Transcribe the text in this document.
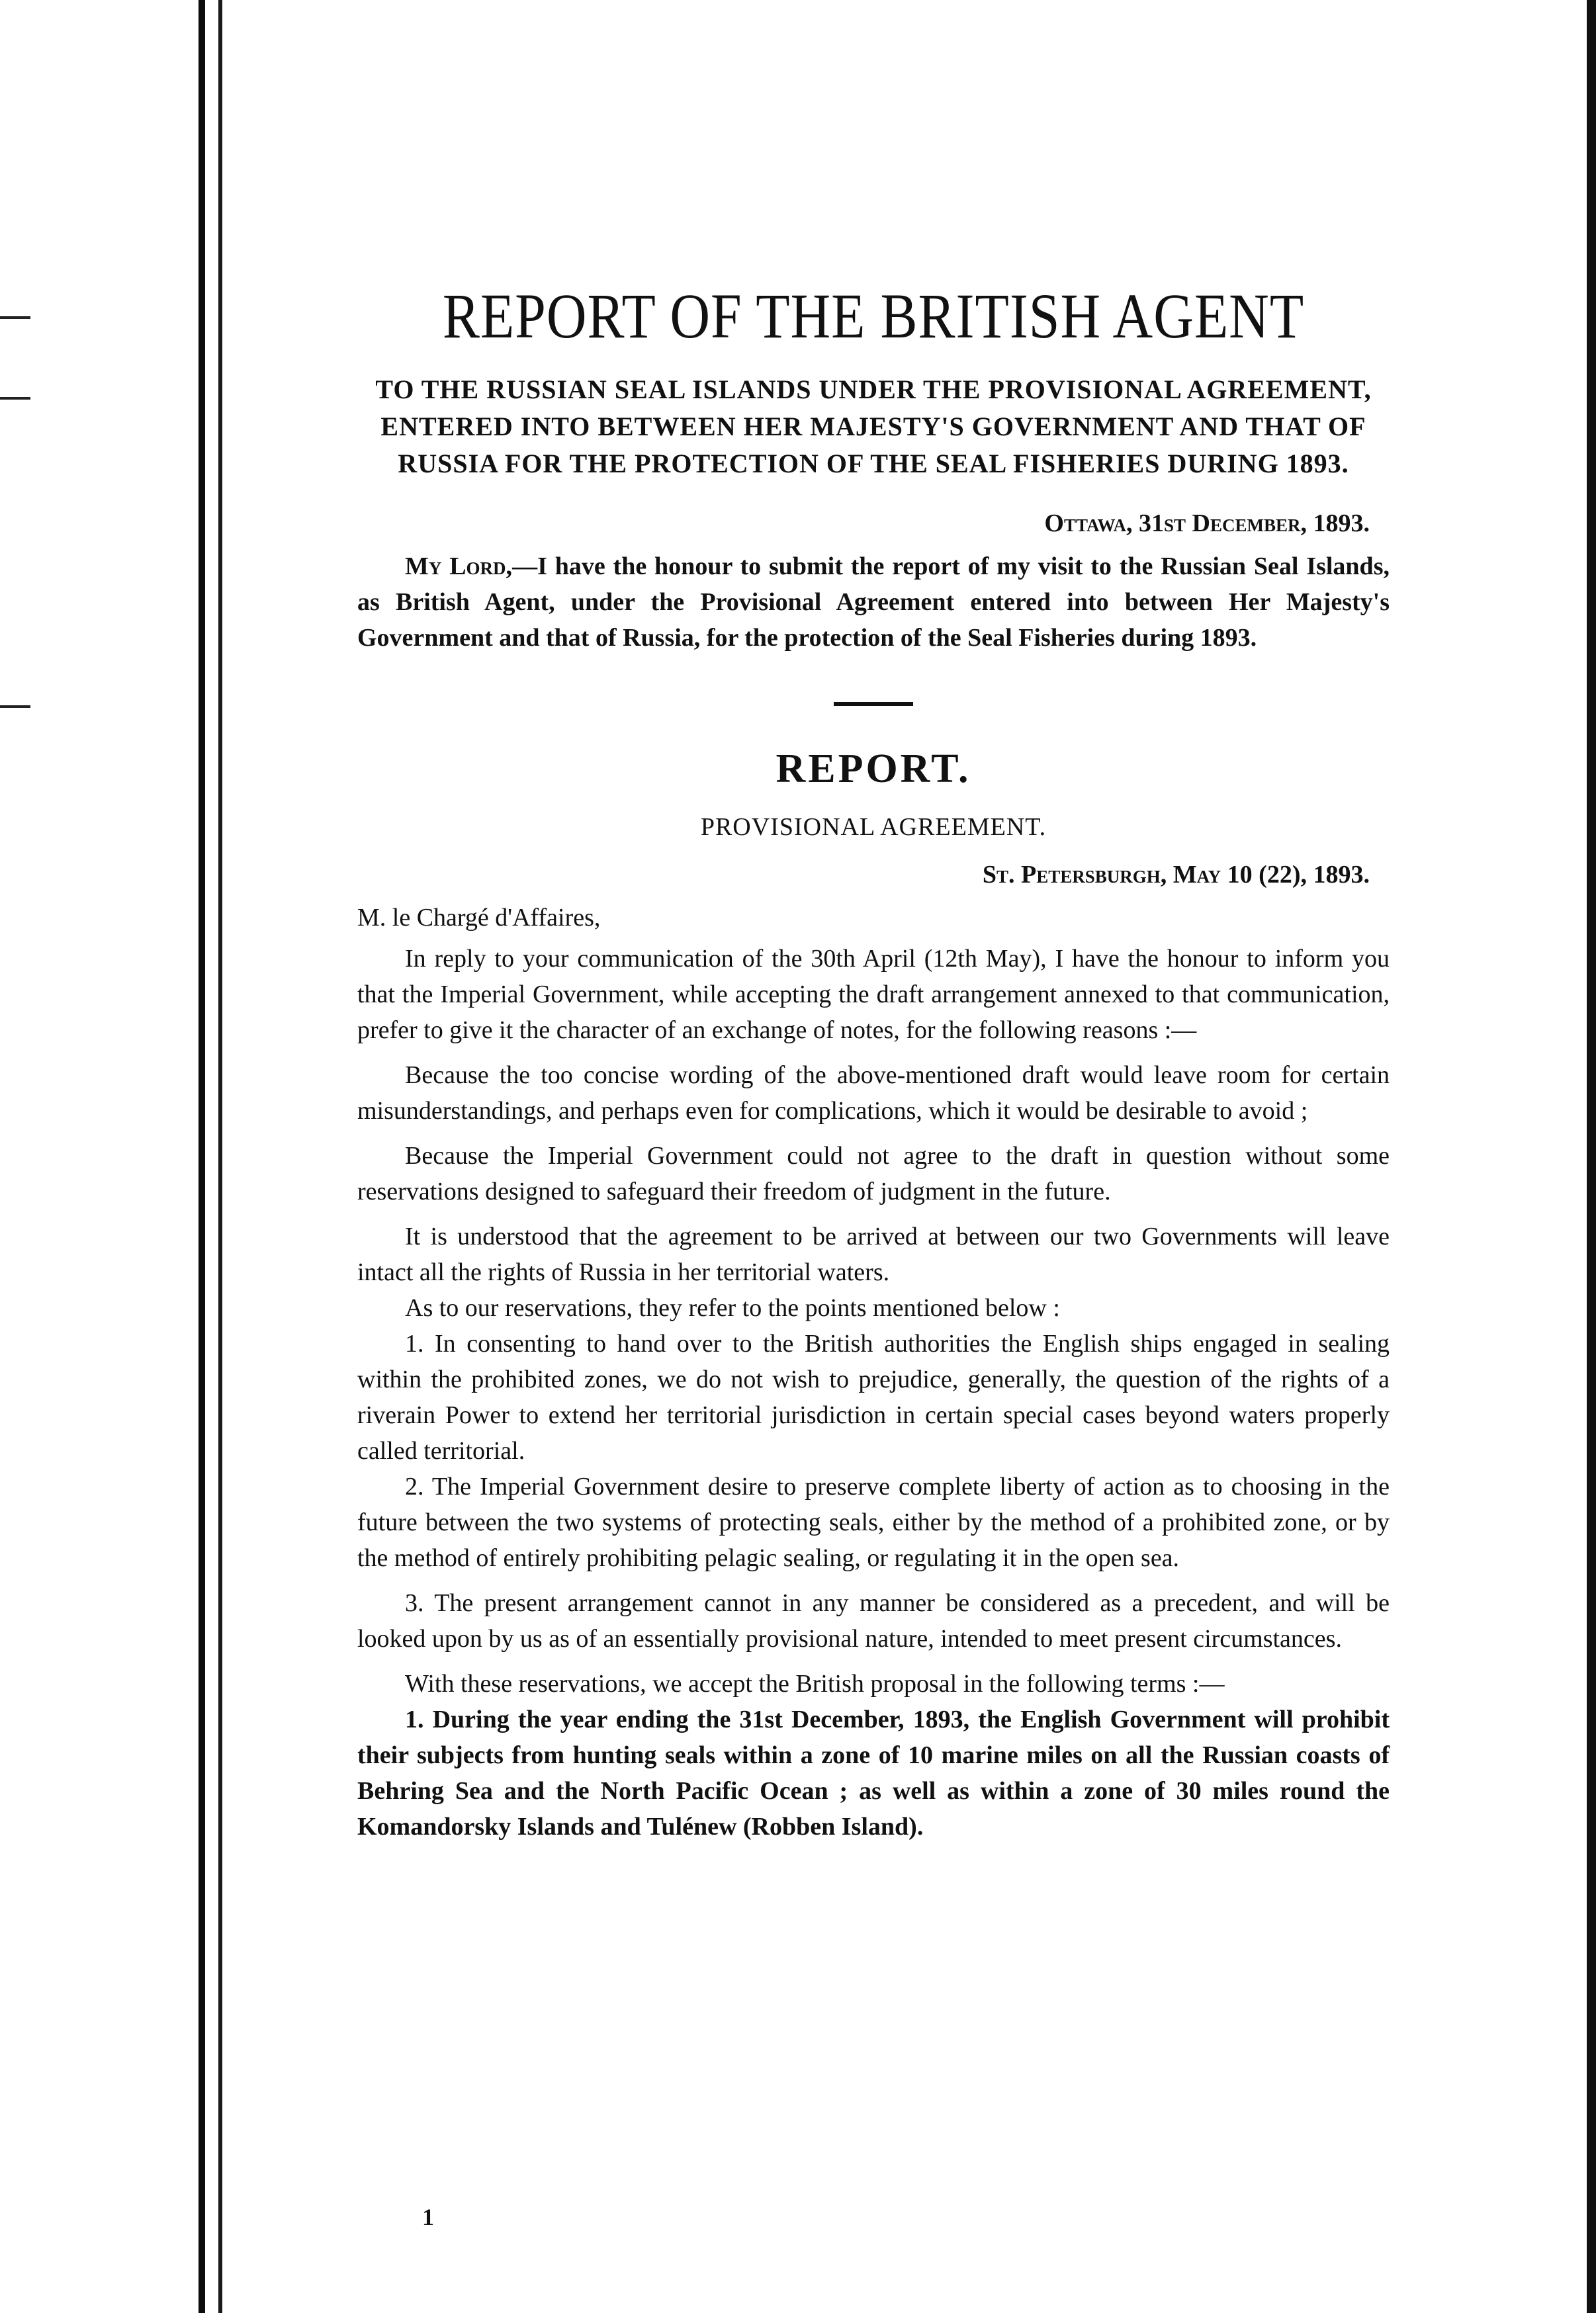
REPORT OF THE BRITISH AGENT
TO THE RUSSIAN SEAL ISLANDS UNDER THE PROVISIONAL AGREEMENT, ENTERED INTO BETWEEN HER MAJESTY'S GOVERNMENT AND THAT OF RUSSIA FOR THE PROTECTION OF THE SEAL FISHERIES DURING 1893.
Ottawa, 31st December, 1893.

My Lord,—I have the honour to submit the report of my visit to the Russian Seal Islands, as British Agent, under the Provisional Agreement entered into between Her Majesty's Government and that of Russia, for the protection of the Seal Fisheries during 1893.

REPORT.
PROVISIONAL AGREEMENT.
St. Petersburgh, May 10 (22), 1893.

M. le Chargé d'Affaires,

In reply to your communication of the 30th April (12th May), I have the honour to inform you that the Imperial Government, while accepting the draft arrangement annexed to that communication, prefer to give it the character of an exchange of notes, for the following reasons :—

Because the too concise wording of the above-mentioned draft would leave room for certain misunderstandings, and perhaps even for complications, which it would be desirable to avoid ;

Because the Imperial Government could not agree to the draft in question without some reservations designed to safeguard their freedom of judgment in the future.

It is understood that the agreement to be arrived at between our two Governments will leave intact all the rights of Russia in her territorial waters.

As to our reservations, they refer to the points mentioned below :

1. In consenting to hand over to the British authorities the English ships engaged in sealing within the prohibited zones, we do not wish to prejudice, generally, the question of the rights of a riverain Power to extend her territorial jurisdiction in certain special cases beyond waters properly called territorial.

2. The Imperial Government desire to preserve complete liberty of action as to choosing in the future between the two systems of protecting seals, either by the method of a prohibited zone, or by the method of entirely prohibiting pelagic sealing, or regulating it in the open sea.

3. The present arrangement cannot in any manner be considered as a precedent, and will be looked upon by us as of an essentially provisional nature, intended to meet present circumstances.

With these reservations, we accept the British proposal in the following terms :—

1. During the year ending the 31st December, 1893, the English Government will prohibit their subjects from hunting seals within a zone of 10 marine miles on all the Russian coasts of Behring Sea and the North Pacific Ocean ; as well as within a zone of 30 miles round the Komandorsky Islands and Tulénew (Robben Island).

1
